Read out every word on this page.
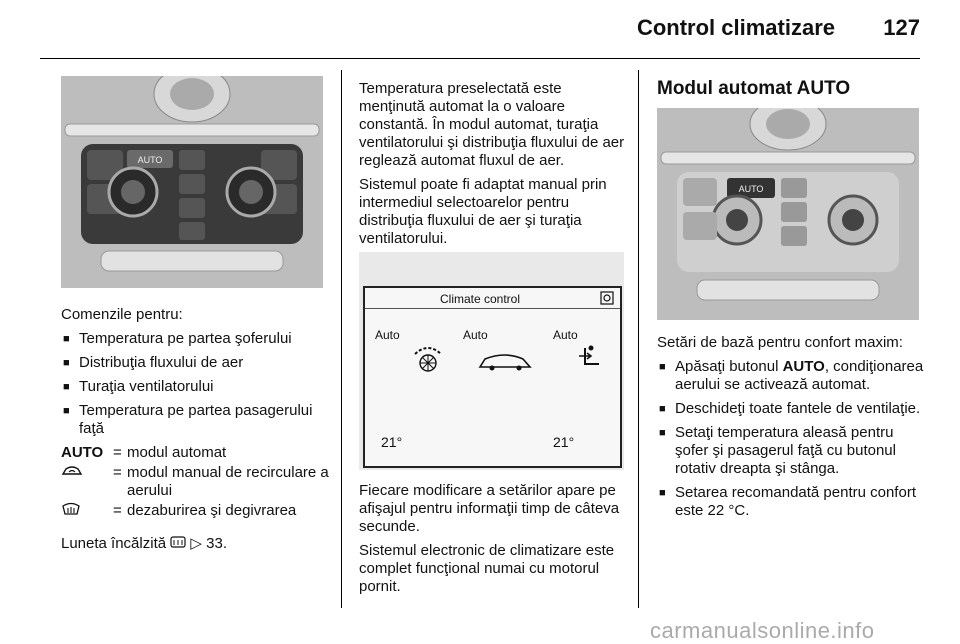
Control climatizare 127
AUTO

Comenzile pentru:

■ Temperatura pe partea şoferului
■ Distribuţia fluxului de aer
■ Turaţia ventilatorului
■ Temperatura pe partea pasagerului faţă
AUTO = modul automat
= modul manual de recirculare a aerului
= dezaburirea şi degivrarea

Luneta încălzită ▷ 33.

Temperatura preselectată este menţinută automat la o valoare constantă. În modul automat, turaţia ventilatorului şi distribuţia fluxului de aer reglează automat fluxul de aer.

Sistemul poate fi adaptat manual prin intermediul selectoarelor pentru distribuţia fluxului de aer şi turaţia ventilatorului.

Climate control
Auto	Auto	Auto
21°	21°

Fiecare modificare a setărilor apare pe afişajul pentru informaţii timp de câteva secunde.

Sistemul electronic de climatizare este complet funcţional numai cu motorul pornit.

Modul automat AUTO
AUTO

Setări de bază pentru confort maxim:

■ Apăsaţi butonul AUTO, condiţionarea aerului se activează automat.
■ Deschideţi toate fantele de ventilaţie.
■ Setaţi temperatura aleasă pentru şofer şi pasagerul faţă cu butonul rotativ dreapta şi stânga.
■ Setarea recomandată pentru confort este 22 °C.
carmanualsonline.info
